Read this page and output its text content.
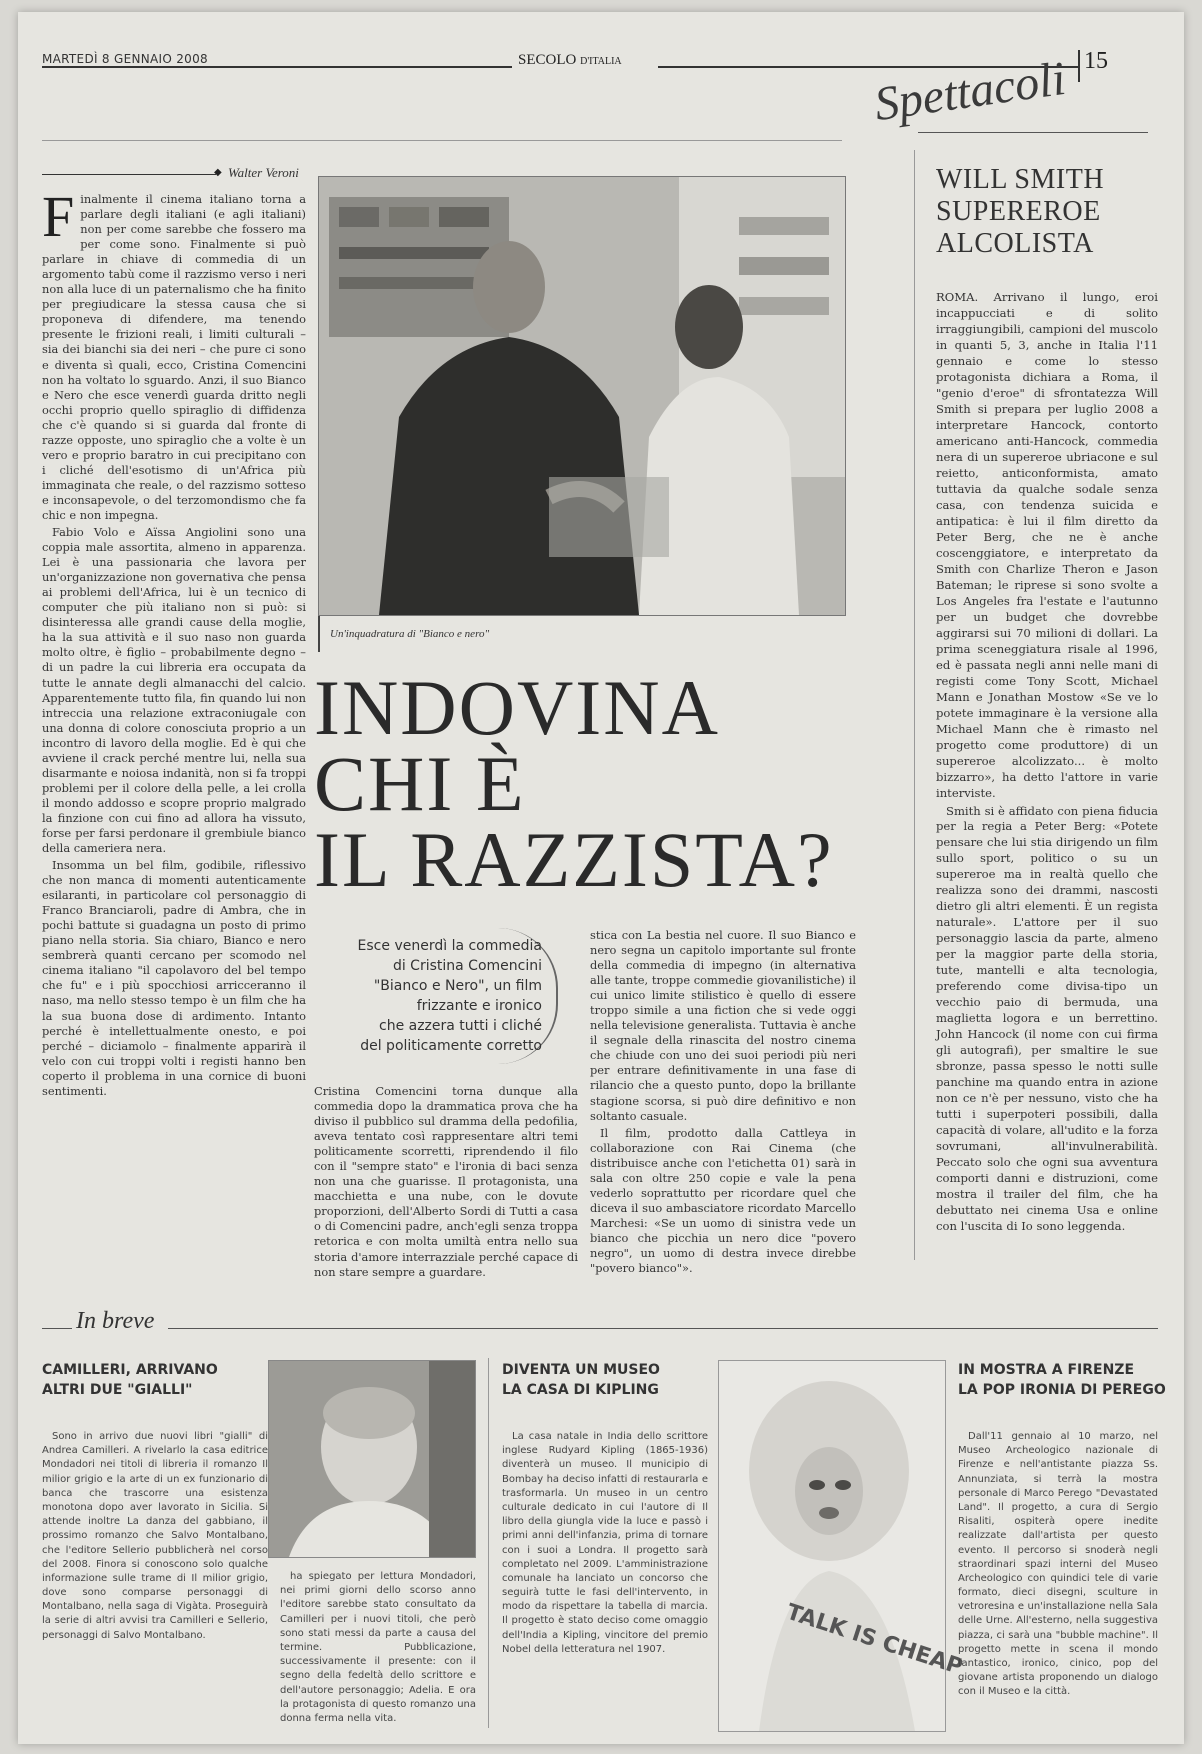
MARTEDÌ 8 GENNAIO 2008	SECOLO D'ITALIA	15
Spettacoli
◆ Walter Veroni
F inalmente il cinema italiano torna a parlare degli italiani (e agli italiani) non per come sarebbe che fossero ma per come sono. Finalmente si può parlare in chiave di commedia di un argomento tabù come il razzismo verso i neri non alla luce di un paternalismo che ha finito per pregiudicare la stessa causa che si proponeva di difendere, ma tenendo presente le frizioni reali, i limiti culturali – sia dei bianchi sia dei neri – che pure ci sono e diventa sì quali, ecco, Cristina Comencini non ha voltato lo sguardo. Anzi, il suo Bianco e Nero che esce venerdì guarda dritto negli occhi proprio quello spiraglio di diffidenza che c'è quando si si guarda dal fronte di razze opposte, uno spiraglio che a volte è un vero e proprio baratro in cui precipitano con i cliché dell'esotismo di un'Africa più immaginata che reale, o del razzismo sotteso e inconsapevole, o del terzomondismo che fa chic e non impegna.

Fabio Volo e Aïssa Angiolini sono una coppia male assortita, almeno in apparenza. Lei è una passionaria che lavora per un'organizzazione non governativa che pensa ai problemi dell'Africa, lui è un tecnico di computer che più italiano non si può: si disinteressa alle grandi cause della moglie, ha la sua attività e il suo naso non guarda molto oltre, è figlio – probabilmente degno – di un padre la cui libreria era occupata da tutte le annate degli almanacchi del calcio. Apparentemente tutto fila, fin quando lui non intreccia una relazione extraconiugale con una donna di colore conosciuta proprio a un incontro di lavoro della moglie. Ed è qui che avviene il crack perché mentre lui, nella sua disarmante e noiosa indanità, non si fa troppi problemi per il colore della pelle, a lei crolla il mondo addosso e scopre proprio malgrado la finzione con cui fino ad allora ha vissuto, forse per farsi perdonare il grembiule bianco della cameriera nera.

Insomma un bel film, godibile, riflessivo che non manca di momenti autenticamente esilaranti, in particolare col personaggio di Franco Branciaroli, padre di Ambra, che in pochi battute si guadagna un posto di primo piano nella storia. Sia chiaro, Bianco e nero sembrerà quanti cercano per scomodo nel cinema italiano "il capolavoro del bel tempo che fu" e i più spocchiosi arricceranno il naso, ma nello stesso tempo è un film che ha la sua buona dose di ardimento. Intanto perché è intellettualmente onesto, e poi perché – diciamolo – finalmente apparirà il velo con cui troppi volti i registi hanno ben coperto il problema in una cornice di buoni sentimenti.

Un'inquadratura di "Bianco e nero"
INDOVINA
CHI È
IL RAZZISTA?
Esce venerdì la commedia
di Cristina Comencini
"Bianco e Nero", un film
frizzante e ironico
che azzera tutti i cliché
del politicamente corretto

Cristina Comencini torna dunque alla commedia dopo la drammatica prova che ha diviso il pubblico sul dramma della pedofilia, aveva tentato così rappresentare altri temi politicamente scorretti, riprendendo il filo con il "sempre stato" e l'ironia di baci senza non una che guarisse. Il protagonista, una macchietta e una nube, con le dovute proporzioni, dell'Alberto Sordi di Tutti a casa o di Comencini padre, anch'egli senza troppa retorica e con molta umiltà entra nello sua storia d'amore interrazziale perché capace di non stare sempre a guardare.

stica con La bestia nel cuore. Il suo Bianco e nero segna un capitolo importante sul fronte della commedia di impegno (in alternativa alle tante, troppe commedie giovanilistiche) il cui unico limite stilistico è quello di essere troppo simile a una fiction che si vede oggi nella televisione generalista. Tuttavia è anche il segnale della rinascita del nostro cinema che chiude con uno dei suoi periodi più neri per entrare definitivamente in una fase di rilancio che a questo punto, dopo la brillante stagione scorsa, si può dire definitivo e non soltanto casuale.

Il film, prodotto dalla Cattleya in collaborazione con Rai Cinema (che distribuisce anche con l'etichetta 01) sarà in sala con oltre 250 copie e vale la pena vederlo soprattutto per ricordare quel che diceva il suo ambasciatore ricordato Marcello Marchesi: «Se un uomo di sinistra vede un bianco che picchia un nero dice "povero negro", un uomo di destra invece direbbe "povero bianco"».

WILL SMITH
SUPEREROE
ALCOLISTA

ROMA. Arrivano il lungo, eroi incappucciati e di solito irraggiungibili, campioni del muscolo in quanti 5, 3, anche in Italia l'11 gennaio e come lo stesso protagonista dichiara a Roma, il "genio d'eroe" di sfrontatezza Will Smith si prepara per luglio 2008 a interpretare Hancock, contorto americano anti-Hancock, commedia nera di un supereroe ubriacone e sul reietto, anticonformista, amato tuttavia da qualche sodale senza casa, con tendenza suicida e antipatica: è lui il film diretto da Peter Berg, che ne è anche coscenggiatore, e interpretato da Smith con Charlize Theron e Jason Bateman; le riprese si sono svolte a Los Angeles fra l'estate e l'autunno per un budget che dovrebbe aggirarsi sui 70 milioni di dollari. La prima sceneggiatura risale al 1996, ed è passata negli anni nelle mani di registi come Tony Scott, Michael Mann e Jonathan Mostow «Se ve lo potete immaginare è la versione alla Michael Mann che è rimasto nel progetto come produttore) di un supereroe alcolizzato... è molto bizzarro», ha detto l'attore in varie interviste.

Smith si è affidato con piena fiducia per la regia a Peter Berg: «Potete pensare che lui stia dirigendo un film sullo sport, politico o su un supereroe ma in realtà quello che realizza sono dei drammi, nascosti dietro gli altri elementi. È un regista naturale». L'attore per il suo personaggio lascia da parte, almeno per la maggior parte della storia, tute, mantelli e alta tecnologia, preferendo come divisa-tipo un vecchio paio di bermuda, una maglietta logora e un berrettino. John Hancock (il nome con cui firma gli autografi), per smaltire le sue sbronze, passa spesso le notti sulle panchine ma quando entra in azione non ce n'è per nessuno, visto che ha tutti i superpoteri possibili, dalla capacità di volare, all'udito e la forza sovrumani, all'invulnerabilità. Peccato solo che ogni sua avventura comporti danni e distruzioni, come mostra il trailer del film, che ha debuttato nei cinema Usa e online con l'uscita di Io sono leggenda.

In breve
CAMILLERI, ARRIVANO
ALTRI DUE "GIALLI"

Sono in arrivo due nuovi libri "gialli" di Andrea Camilleri. A rivelarlo la casa editrice Mondadori nei titoli di libreria il romanzo Il milior grigio e la arte di un ex funzionario di banca che trascorre una esistenza monotona dopo aver lavorato in Sicilia. Si attende inoltre La danza del gabbiano, il prossimo romanzo che Salvo Montalbano, che l'editore Sellerio pubblicherà nel corso del 2008. Finora si conoscono solo qualche informazione sulle trame di Il milior grigio, dove sono comparse personaggi di Montalbano, nella saga di Vigàta. Proseguirà la serie di altri avvisi tra Camilleri e Sellerio, personaggi di Salvo Montalbano.

ha spiegato per lettura Mondadori, nei primi giorni dello scorso anno l'editore sarebbe stato consultato da Camilleri per i nuovi titoli, che però sono stati messi da parte a causa del termine. Pubblicazione, successivamente il presente: con il segno della fedeltà dello scrittore e dell'autore personaggio; Adelia. E ora la protagonista di questo romanzo una donna ferma nella vita.

DIVENTA UN MUSEO
LA CASA DI KIPLING

La casa natale in India dello scrittore inglese Rudyard Kipling (1865-1936) diventerà un museo. Il municipio di Bombay ha deciso infatti di restaurarla e trasformarla. Un museo in un centro culturale dedicato in cui l'autore di Il libro della giungla vide la luce e passò i primi anni dell'infanzia, prima di tornare con i suoi a Londra. Il progetto sarà completato nel 2009. L'amministrazione comunale ha lanciato un concorso che seguirà tutte le fasi dell'intervento, in modo da rispettare la tabella di marcia. Il progetto è stato deciso come omaggio dell'India a Kipling, vincitore del premio Nobel della letteratura nel 1907.	TALK IS CHEAP
IN MOSTRA A FIRENZE
LA POP IRONIA DI PEREGO

Dall'11 gennaio al 10 marzo, nel Museo Archeologico nazionale di Firenze e nell'antistante piazza Ss. Annunziata, si terrà la mostra personale di Marco Perego "Devastated Land". Il progetto, a cura di Sergio Risaliti, ospiterà opere inedite realizzate dall'artista per questo evento. Il percorso si snoderà negli straordinari spazi interni del Museo Archeologico con quindici tele di varie formato, dieci disegni, sculture in vetroresina e un'installazione nella Sala delle Urne. All'esterno, nella suggestiva piazza, ci sarà una "bubble machine". Il progetto mette in scena il mondo fantastico, ironico, cinico, pop del giovane artista proponendo un dialogo con il Museo e la città.
